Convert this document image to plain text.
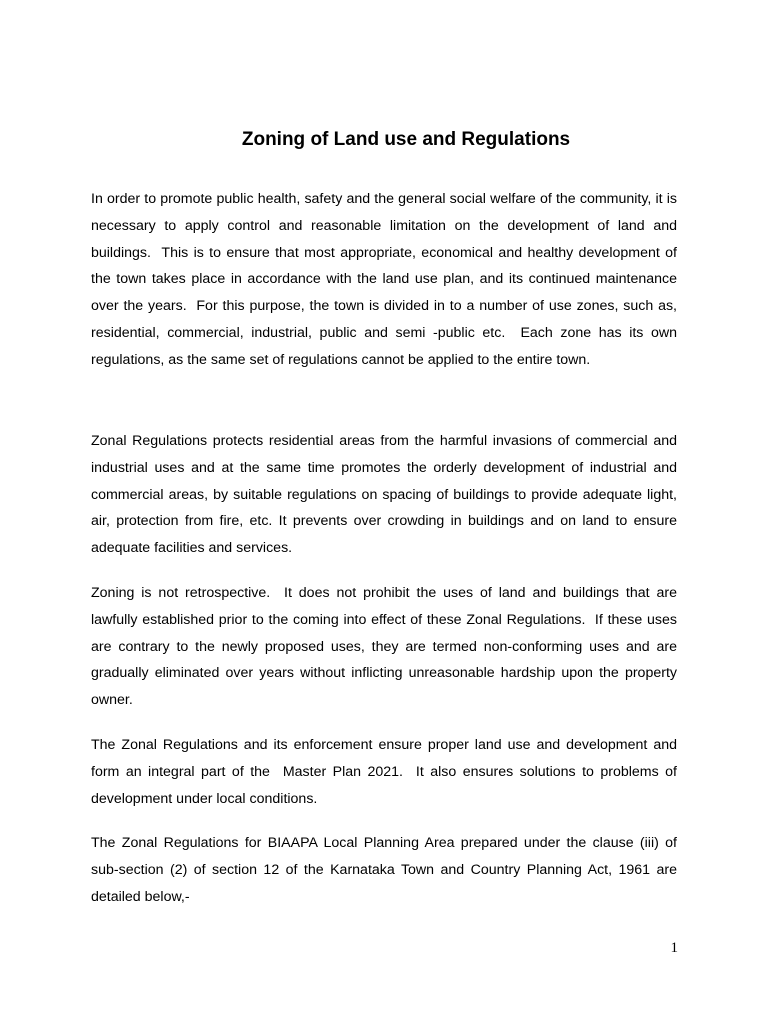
Zoning of Land use and Regulations

In order to promote public health, safety and the general social welfare of the community, it is necessary to apply control and reasonable limitation on the development of land and buildings.  This is to ensure that most appropriate, economical and healthy development of the town takes place in accordance with the land use plan, and its continued maintenance over the years.  For this purpose, the town is divided in to a number of use zones, such as, residential, commercial, industrial, public and semi -public etc.  Each zone has its own regulations, as the same set of regulations cannot be applied to the entire town.

Zonal Regulations protects residential areas from the harmful invasions of commercial and industrial uses and at the same time promotes the orderly development of industrial and commercial areas, by suitable regulations on spacing of buildings to provide adequate light, air, protection from fire, etc. It prevents over crowding in buildings and on land to ensure adequate facilities and services.

Zoning is not retrospective.  It does not prohibit the uses of land and buildings that are lawfully established prior to the coming into effect of these Zonal Regulations.  If these uses are contrary to the newly proposed uses, they are termed non-conforming uses and are gradually eliminated over years without inflicting unreasonable hardship upon the property owner.

The Zonal Regulations and its enforcement ensure proper land use and development and form an integral part of the  Master Plan 2021.  It also ensures solutions to problems of development under local conditions.

The Zonal Regulations for BIAAPA Local Planning Area prepared under the clause (iii) of sub-section (2) of section 12 of the Karnataka Town and Country Planning Act, 1961 are detailed below,-

1
